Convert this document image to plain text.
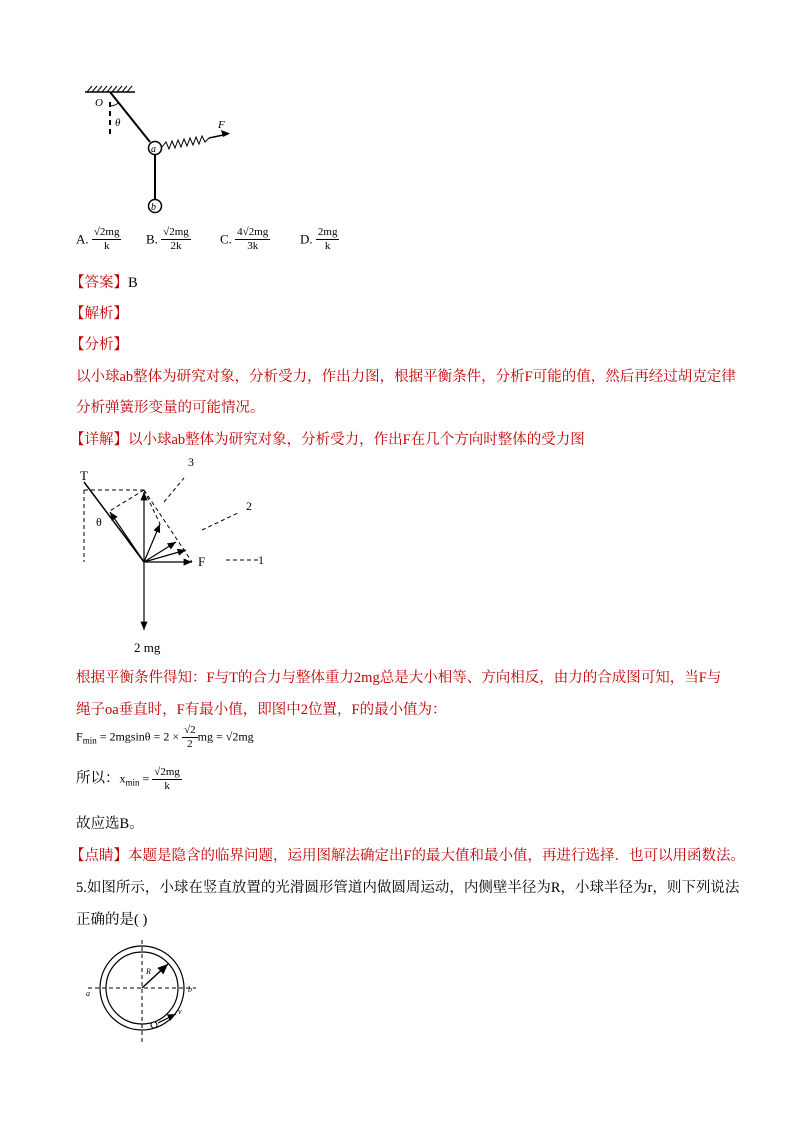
O
θ
a
b
F
A. $\frac{√2mg}{k} B$. $\frac{√2mg}{2k} C$. $\frac{4√2mg}{3k} D$. $\frac{2mg}{k}$
【答案】B
【解析】
【分析】
以小球ab整体为研究对象，分析受力，作出力图，根据平衡条件，分析F可能的值，然后再经过胡克定律
分析弹簧形变量的可能情况。
【详解】以小球ab整体为研究对象，分析受力，作出F在几个方向时整体的受力图
T
θ
3
2
F	1
2 mg
根据平衡条件得知：F与T的合力与整体重力2mg总是大小相等、方向相反，由力的合成图可知，当F与
绳子oa垂直时，F有最小值，即图中2位置，F的最小值为：
$F_{min} = 2mgsin\theta = 2 \times \frac{√2}{2}$ mg = √2mg
所以：$x_{min} = \frac{√2mg}{k}$
故应选B。
【点睛】本题是隐含的临界问题，运用图解法确定出F的最大值和最小值，再进行选择．也可以用函数法。
5.如图所示，小球在竖直放置的光滑圆形管道内做圆周运动，内侧壁半径为R，小球半径为r，则下列说法
正确的是( )
R
a	b
v
